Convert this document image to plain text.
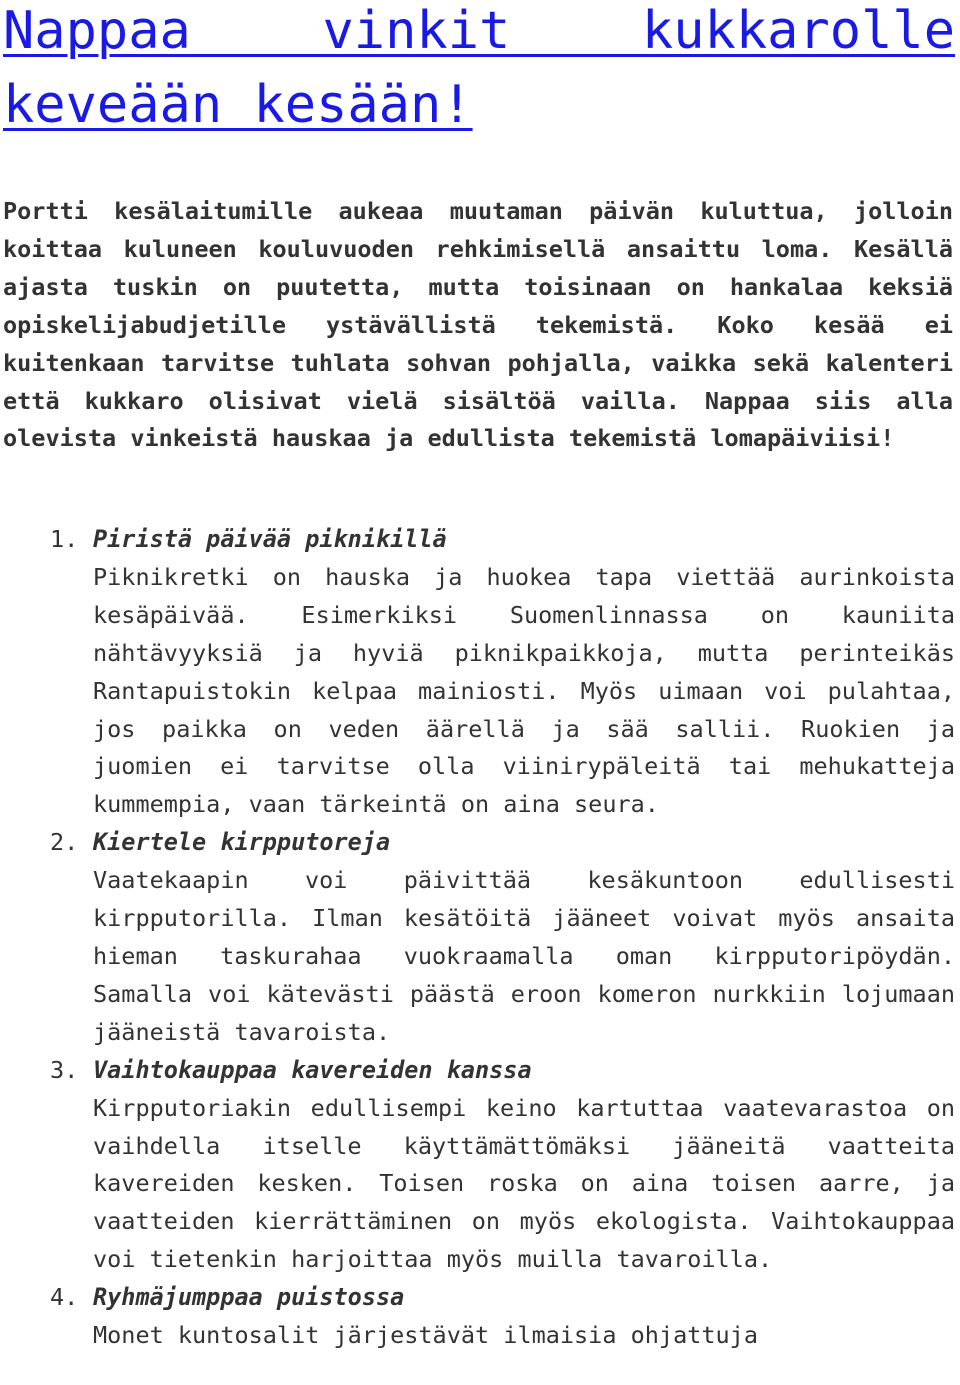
Nappaa vinkit kukkarolle keveään kesään!

Portti kesälaitumille aukeaa muutaman päivän kuluttua, jolloin koittaa kuluneen kouluvuoden rehkimisellä ansaittu loma. Kesällä ajasta tuskin on puutetta, mutta toisinaan on hankalaa keksiä opiskelijabudjetille ystävällistä tekemistä. Koko kesää ei kuitenkaan tarvitse tuhlata sohvan pohjalla, vaikka sekä kalenteri että kukkaro olisivat vielä sisältöä vailla. Nappaa siis alla olevista vinkeistä hauskaa ja edullista tekemistä lomapäiviisi!

1. Piristä päivää piknikillä

Piknikretki on hauska ja huokea tapa viettää aurinkoista kesäpäivää. Esimerkiksi Suomenlinnassa on kauniita nähtävyyksiä ja hyviä piknikpaikkoja, mutta perinteikäs Rantapuistokin kelpaa mainiosti. Myös uimaan voi pulahtaa, jos paikka on veden äärellä ja sää sallii. Ruokien ja juomien ei tarvitse olla viinirypäleitä tai mehukatteja kummempia, vaan tärkeintä on aina seura.

2. Kiertele kirpputoreja

Vaatekaapin voi päivittää kesäkuntoon edullisesti kirpputorilla. Ilman kesätöitä jääneet voivat myös ansaita hieman taskurahaa vuokraamalla oman kirpputoripöydän. Samalla voi kätevästi päästä eroon komeron nurkkiin lojumaan jääneistä tavaroista.

3. Vaihtokauppaa kavereiden kanssa

Kirpputoriakin edullisempi keino kartuttaa vaatevarastoa on vaihdella itselle käyttämättömäksi jääneitä vaatteita kavereiden kesken. Toisen roska on aina toisen aarre, ja vaatteiden kierrättäminen on myös ekologista. Vaihtokauppaa voi tietenkin harjoittaa myös muilla tavaroilla.

4. Ryhmäjumppaa puistossa

Monet kuntosalit järjestävät ilmaisia ohjattuja
